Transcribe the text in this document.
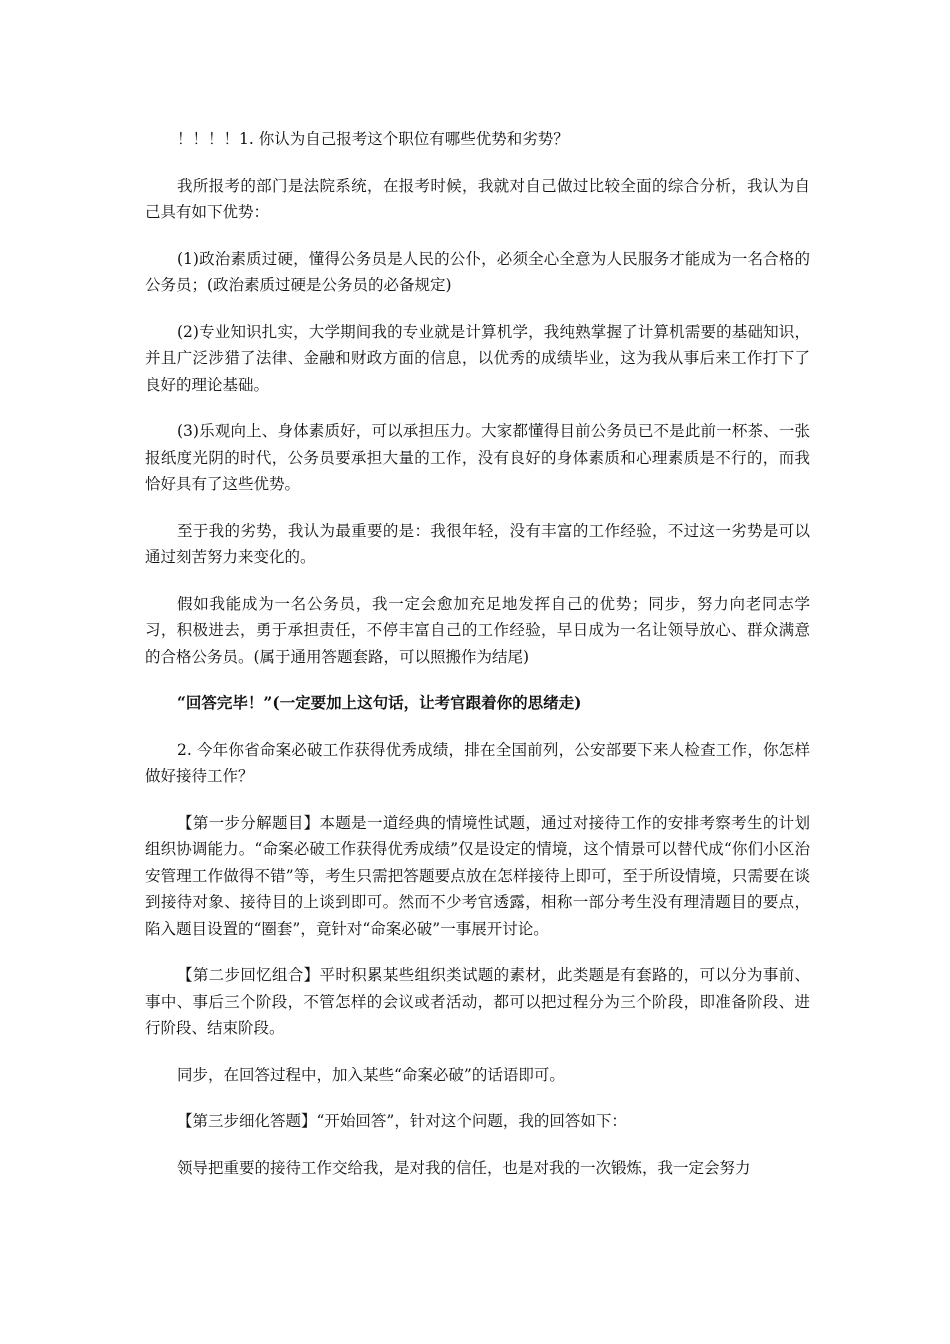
！！！！1. 你认为自己报考这个职位有哪些优势和劣势？

我所报考的部门是法院系统，在报考时候，我就对自己做过比较全面的综合分析，我认为自己具有如下优势：

(1)政治素质过硬，懂得公务员是人民的公仆，必须全心全意为人民服务才能成为一名合格的公务员；(政治素质过硬是公务员的必备规定)

(2)专业知识扎实，大学期间我的专业就是计算机学，我纯熟掌握了计算机需要的基础知识，并且广泛涉猎了法律、金融和财政方面的信息，以优秀的成绩毕业，这为我从事后来工作打下了良好的理论基础。

(3)乐观向上、身体素质好，可以承担压力。大家都懂得目前公务员已不是此前一杯茶、一张报纸度光阴的时代，公务员要承担大量的工作，没有良好的身体素质和心理素质是不行的，而我恰好具有了这些优势。

至于我的劣势，我认为最重要的是：我很年轻，没有丰富的工作经验，不过这一劣势是可以通过刻苦努力来变化的。

假如我能成为一名公务员，我一定会愈加充足地发挥自己的优势；同步，努力向老同志学习，积极进去，勇于承担责任，不停丰富自己的工作经验，早日成为一名让领导放心、群众满意的合格公务员。(属于通用答题套路，可以照搬作为结尾)

“回答完毕！”(一定要加上这句话，让考官跟着你的思绪走)

2. 今年你省命案必破工作获得优秀成绩，排在全国前列，公安部要下来人检查工作，你怎样做好接待工作？

【第一步分解题目】本题是一道经典的情境性试题，通过对接待工作的安排考察考生的计划组织协调能力。“命案必破工作获得优秀成绩”仅是设定的情境，这个情景可以替代成“你们小区治安管理工作做得不错”等，考生只需把答题要点放在怎样接待上即可，至于所设情境，只需要在谈到接待对象、接待目的上谈到即可。然而不少考官透露，相称一部分考生没有理清题目的要点，陷入题目设置的“圈套”，竟针对“命案必破”一事展开讨论。

【第二步回忆组合】平时积累某些组织类试题的素材，此类题是有套路的，可以分为事前、事中、事后三个阶段，不管怎样的会议或者活动，都可以把过程分为三个阶段，即准备阶段、进行阶段、结束阶段。

同步，在回答过程中，加入某些“命案必破”的话语即可。

【第三步细化答题】“开始回答”，针对这个问题，我的回答如下：

领导把重要的接待工作交给我，是对我的信任，也是对我的一次锻炼，我一定会努力
